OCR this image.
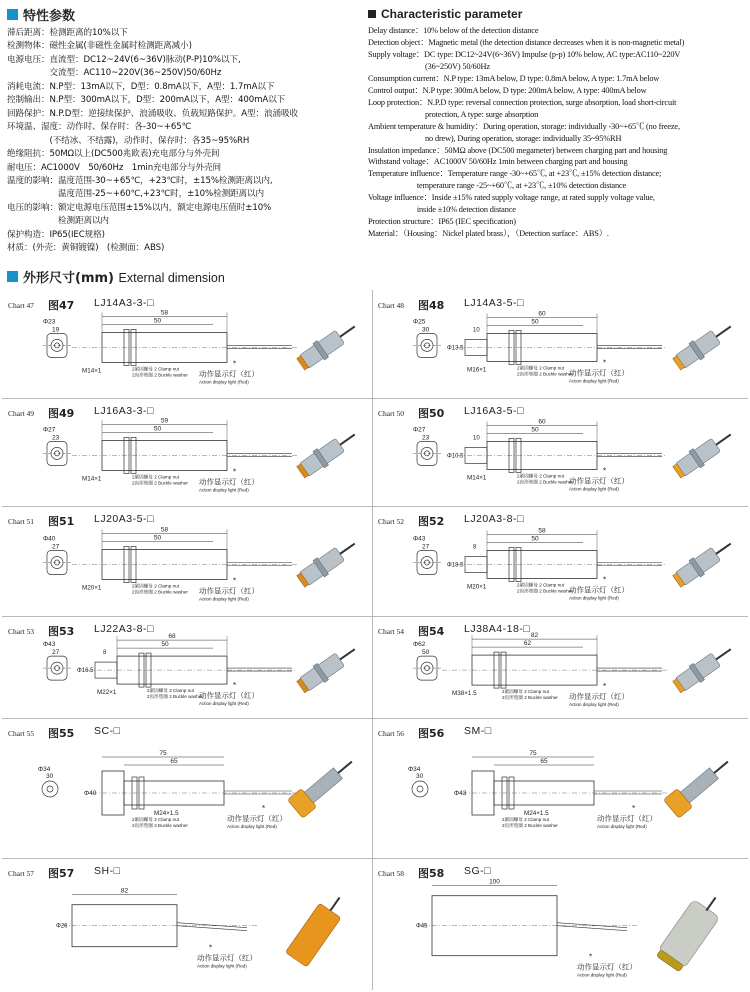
特性参数	Characteristic parameter
滞后距离：检测距离的10%以下
检测物体：磁性金属(非磁性金属时检测距离减小)
电源电压：直流型：DC12~24V(6~36V)脉动(P-P)10%以下,
　　　　　交流型：AC110~220V(36~250V)50/60Hz
消耗电流：N.P型：13mA以下，D型：0.8mA以下，A型：1.7mA以下
控制输出：N.P型：300mA以下，D型：200mA以下，A型：400mA以下
回路保护：N.P.D型：逆接续保护、浪涌吸收、负载短路保护。A型：浪涌吸收
环境温、湿度：动作时、保存时：各-30~+65℃
　　　　　(不结冰、不结露)，动作时、保存时：各35~95%RH
绝缘阻抗：50MΩ以上(DC500兆欧表)充电部分与外壳间
耐电压：AC1000V　50/60Hz　1min充电部分与外壳间
温度的影响：温度范围-30~+65℃，+23℃时，±15%检测距离以内,
　　　　　　温度范围-25~+60℃,+23℃时，±10%检测距离以内
电压的影响：额定电源电压范围±15%以内，额定电源电压值时±10%
　　　　　　检测距离以内
保护构造：IP65(IEC规格)
材质：(外壳：黄铜镀镍)　(检测面：ABS)
Delay distance：10% below of the detection distance
Detection object：Magnetic metal (the detection distance decreases when it is non-magnetic metal)
Supply voltage：DC type: DC12~24V(6~36V) Impulse (p-p) 10% below, AC type:AC110~220V
　　　　　　　(36~250V) 50/60Hz
Consumption current：N.P type: 13mA below, D type: 0.8mA below, A type: 1.7mA below
Control output：N.P type: 300mA below, D type: 200mA below, A type: 400mA below
Loop protection：N.P.D type: reversal connection protection, surge absorption, load short-circuit
　　　　　　　protection, A type: surge absorption
Ambient temperature & humidity：During operation, storage: individually -30~+65℃ (no freeze,
　　　　　　　no drew), During operation, storage: individually 35~95%RH
Insulation impedance：50MΩ above (DC500 megameter) between charging part and housing
Withstand voltage：AC1000V 50/60Hz 1min between charging part and housing
Temperature influence：Temperature range -30~+65℃, at +23℃, ±15% detection distance;
　　　　　　temperature range -25~+60℃, at +23℃, ±10% detection distance
Voltage influence：Inside ±15% rated supply voltage range, at rated supply voltage value,
　　　　　　inside ±10% detection distance
Protection structure：IP65 (IEC specification)
Material：（Housing：Nickel plated brass），（Detection surface：ABS）.
外形尺寸(mm) External dimension
Chart 47 图47 LJ14A3-3-□
Φ23
19
58
50
M14×1	2紧固螺母 2 Clamp nut
2齿形垫圈 2 Buckle washer 动作显示灯（红）
Action display light (Red)
*
Chart 48 图48 LJ14A3-5-□
Φ25
30
Φ13.5
10
60
50
M16×1	2紧固螺母 2 Clamp nut
2齿形垫圈 2 Buckle washer
动作显示灯（红）
Action display light (Red)
*
Chart 49 图49 LJ16A3-3-□
Φ27
23
59
50
M14×1	2紧固螺母 2 Clamp nut
2齿形垫圈 2 Buckle washer 动作显示灯（红）
Action display light (Red)
*
Chart 50 图50 LJ16A3-5-□
Φ27
23
Φ10.5
10
60
50
M14×1	2紧固螺母 2 Clamp nut
2齿形垫圈 2 Buckle washer
动作显示灯（红）
Action display light (Red)
*
Chart 51 图51 LJ20A3-5-□
Φ40
27
58
50
M20×1	2紧固螺母 2 Clamp nut
2齿形垫圈 2 Buckle washer 动作显示灯（红）
Action display light (Red)
*
Chart 52 图52 LJ20A3-8-□
Φ43
27
Φ18.5
8
58
50
M20×1	2紧固螺母 2 Clamp nut
2齿形垫圈 2 Buckle washer
动作显示灯（红）
Action display light (Red)
*
Chart 53 图53 LJ22A3-8-□
Φ43
27
Φ16.5
8
68
50
M22×1	2紧固螺母 2 Clamp nut
2齿形垫圈 2 Buckle washer
动作显示灯（红）
Action display light (Red)
*
Chart 54 图54 LJ38A4-18-□
Φ62
50
82
62
M38×1.5	2紧固螺母 2 Clamp nut
2齿形垫圈 2 Buckle washer 动作显示灯（红）
Action display light (Red)
*
Chart 55 图55 SC-□
Φ34
30
75
65
Φ40
M24×1.5
2紧固螺母 2 Clamp nut
2齿形垫圈 2 Buckle washer
动作显示灯（红）
Action display light (Red)
*
Chart 56 图56 SM-□
Φ34
30
75
65
Φ43
M24×1.5
2紧固螺母 2 Clamp nut
2齿形垫圈 2 Buckle washer
动作显示灯（红）
Action display light (Red)
*
Chart 57 图57 SH-□
82
Φ26
动作显示灯（红）
Action display light (Red)
*
Chart 58 图58 SG-□
100
Φ45
动作显示灯（红）
Action display light (Red)
*
